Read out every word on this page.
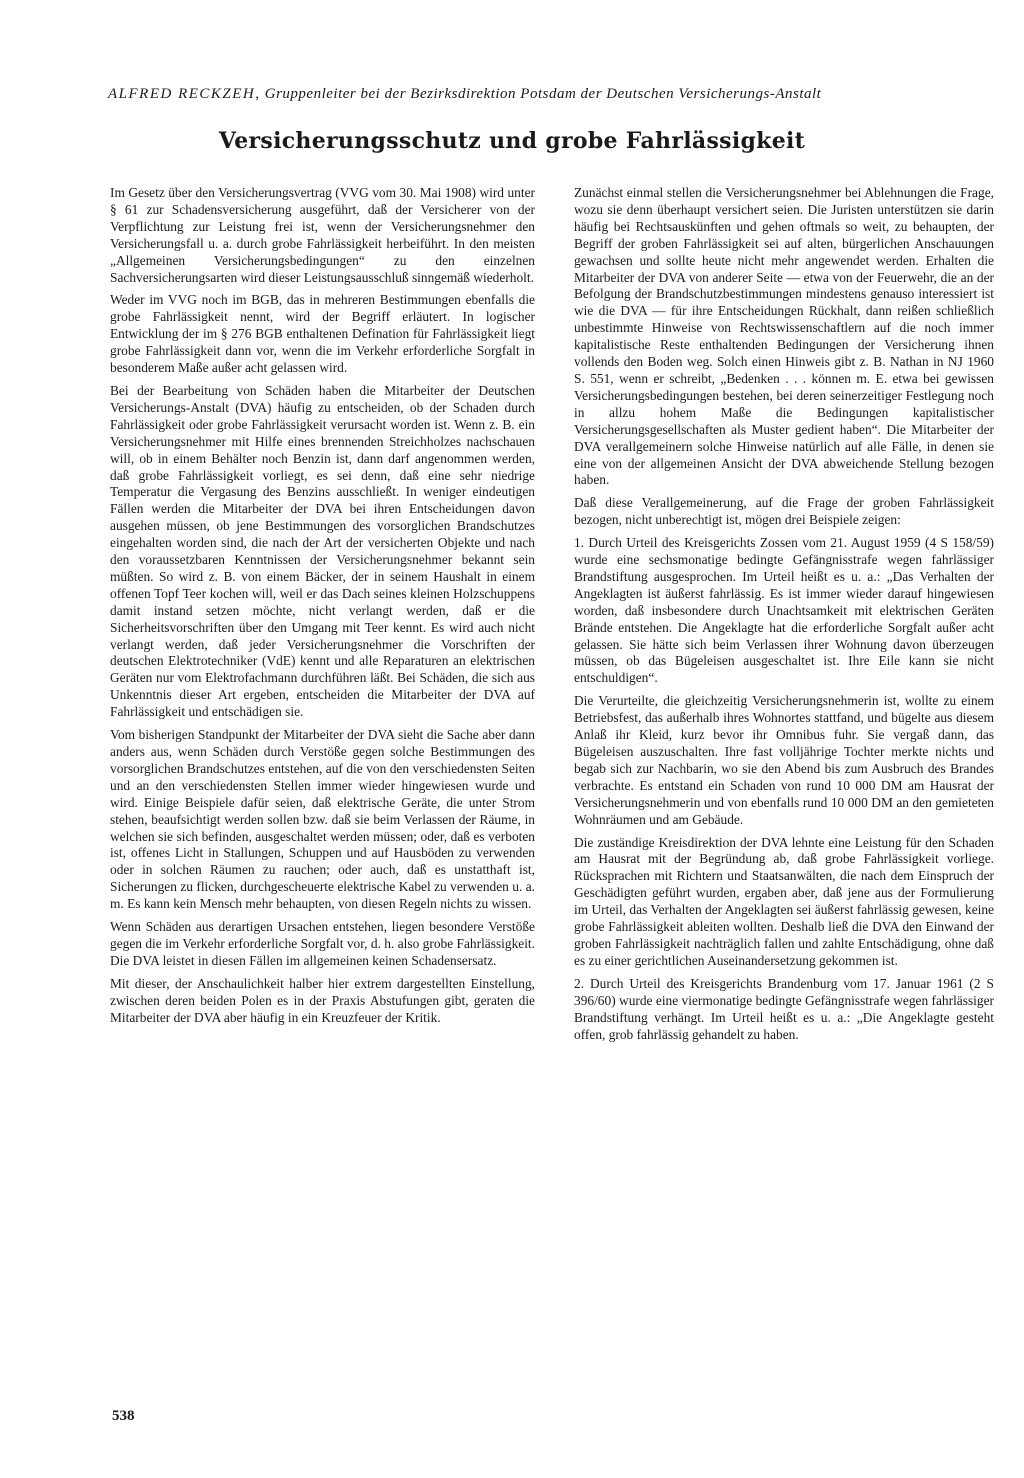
ALFRED RECKZEH, Gruppenleiter bei der Bezirksdirektion Potsdam der Deutschen Versicherungs-Anstalt
Versicherungsschutz und grobe Fahrlässigkeit

Im Gesetz über den Versicherungsvertrag (VVG vom 30. Mai 1908) wird unter § 61 zur Schadensversicherung ausgeführt, daß der Versicherer von der Verpflichtung zur Leistung frei ist, wenn der Versicherungsnehmer den Versicherungsfall u. a. durch grobe Fahrlässigkeit herbeiführt. In den meisten „Allgemeinen Versicherungsbedingungen“ zu den einzelnen Sachversicherungsarten wird dieser Leistungsausschluß sinngemäß wiederholt.

Weder im VVG noch im BGB, das in mehreren Bestimmungen ebenfalls die grobe Fahrlässigkeit nennt, wird der Begriff erläutert. In logischer Entwicklung der im § 276 BGB enthaltenen Defination für Fahrlässigkeit liegt grobe Fahrlässigkeit dann vor, wenn die im Verkehr erforderliche Sorgfalt in besonderem Maße außer acht gelassen wird.

Bei der Bearbeitung von Schäden haben die Mitarbeiter der Deutschen Versicherungs-Anstalt (DVA) häufig zu entscheiden, ob der Schaden durch Fahrlässigkeit oder grobe Fahrlässigkeit verursacht worden ist. Wenn z. B. ein Versicherungsnehmer mit Hilfe eines brennenden Streichholzes nachschauen will, ob in einem Behälter noch Benzin ist, dann darf angenommen werden, daß grobe Fahrlässigkeit vorliegt, es sei denn, daß eine sehr niedrige Temperatur die Vergasung des Benzins ausschließt. In weniger eindeutigen Fällen werden die Mitarbeiter der DVA bei ihren Entscheidungen davon ausgehen müssen, ob jene Bestimmungen des vorsorglichen Brandschutzes eingehalten worden sind, die nach der Art der versicherten Objekte und nach den voraussetzbaren Kenntnissen der Versicherungsnehmer bekannt sein müßten. So wird z. B. von einem Bäcker, der in seinem Haushalt in einem offenen Topf Teer kochen will, weil er das Dach seines kleinen Holzschuppens damit instand setzen möchte, nicht verlangt werden, daß er die Sicherheitsvorschriften über den Umgang mit Teer kennt. Es wird auch nicht verlangt werden, daß jeder Versicherungsnehmer die Vorschriften der deutschen Elektrotechniker (VdE) kennt und alle Reparaturen an elektrischen Geräten nur vom Elektrofachmann durchführen läßt. Bei Schäden, die sich aus Unkenntnis dieser Art ergeben, entscheiden die Mitarbeiter der DVA auf Fahrlässigkeit und entschädigen sie.

Vom bisherigen Standpunkt der Mitarbeiter der DVA sieht die Sache aber dann anders aus, wenn Schäden durch Verstöße gegen solche Bestimmungen des vorsorglichen Brandschutzes entstehen, auf die von den verschiedensten Seiten und an den verschiedensten Stellen immer wieder hingewiesen wurde und wird. Einige Beispiele dafür seien, daß elektrische Geräte, die unter Strom stehen, beaufsichtigt werden sollen bzw. daß sie beim Verlassen der Räume, in welchen sie sich befinden, ausgeschaltet werden müssen; oder, daß es verboten ist, offenes Licht in Stallungen, Schuppen und auf Hausböden zu verwenden oder in solchen Räumen zu rauchen; oder auch, daß es unstatthaft ist, Sicherungen zu flicken, durchgescheuerte elektrische Kabel zu verwenden u. a. m. Es kann kein Mensch mehr behaupten, von diesen Regeln nichts zu wissen.

Wenn Schäden aus derartigen Ursachen entstehen, liegen besondere Verstöße gegen die im Verkehr erforderliche Sorgfalt vor, d. h. also grobe Fahrlässigkeit. Die DVA leistet in diesen Fällen im allgemeinen keinen Schadensersatz.

Mit dieser, der Anschaulichkeit halber hier extrem dargestellten Einstellung, zwischen deren beiden Polen es in der Praxis Abstufungen gibt, geraten die Mitarbeiter der DVA aber häufig in ein Kreuzfeuer der Kritik.

Zunächst einmal stellen die Versicherungsnehmer bei Ablehnungen die Frage, wozu sie denn überhaupt versichert seien. Die Juristen unterstützen sie darin häufig bei Rechtsauskünften und gehen oftmals so weit, zu behaupten, der Begriff der groben Fahrlässigkeit sei auf alten, bürgerlichen Anschauungen gewachsen und sollte heute nicht mehr angewendet werden. Erhalten die Mitarbeiter der DVA von anderer Seite — etwa von der Feuerwehr, die an der Befolgung der Brandschutzbestimmungen mindestens genauso interessiert ist wie die DVA — für ihre Entscheidungen Rückhalt, dann reißen schließlich unbestimmte Hinweise von Rechtswissenschaftlern auf die noch immer kapitalistische Reste enthaltenden Bedingungen der Versicherung ihnen vollends den Boden weg. Solch einen Hinweis gibt z. B. Nathan in NJ 1960 S. 551, wenn er schreibt, „Bedenken . . . können m. E. etwa bei gewissen Versicherungsbedingungen bestehen, bei deren seinerzeitiger Festlegung noch in allzu hohem Maße die Bedingungen kapitalistischer Versicherungsgesellschaften als Muster gedient haben“. Die Mitarbeiter der DVA verallgemeinern solche Hinweise natürlich auf alle Fälle, in denen sie eine von der allgemeinen Ansicht der DVA abweichende Stellung bezogen haben.

Daß diese Verallgemeinerung, auf die Frage der groben Fahrlässigkeit bezogen, nicht unberechtigt ist, mögen drei Beispiele zeigen:

1. Durch Urteil des Kreisgerichts Zossen vom 21. August 1959 (4 S 158/59) wurde eine sechsmonatige bedingte Gefängnisstrafe wegen fahrlässiger Brandstiftung ausgesprochen. Im Urteil heißt es u. a.: „Das Verhalten der Angeklagten ist äußerst fahrlässig. Es ist immer wieder darauf hingewiesen worden, daß insbesondere durch Unachtsamkeit mit elektrischen Geräten Brände entstehen. Die Angeklagte hat die erforderliche Sorgfalt außer acht gelassen. Sie hätte sich beim Verlassen ihrer Wohnung davon überzeugen müssen, ob das Bügeleisen ausgeschaltet ist. Ihre Eile kann sie nicht entschuldigen“.

Die Verurteilte, die gleichzeitig Versicherungsnehmerin ist, wollte zu einem Betriebsfest, das außerhalb ihres Wohnortes stattfand, und bügelte aus diesem Anlaß ihr Kleid, kurz bevor ihr Omnibus fuhr. Sie vergaß dann, das Bügeleisen auszuschalten. Ihre fast volljährige Tochter merkte nichts und begab sich zur Nachbarin, wo sie den Abend bis zum Ausbruch des Brandes verbrachte. Es entstand ein Schaden von rund 10 000 DM am Hausrat der Versicherungsnehmerin und von ebenfalls rund 10 000 DM an den gemieteten Wohnräumen und am Gebäude.

Die zuständige Kreisdirektion der DVA lehnte eine Leistung für den Schaden am Hausrat mit der Begründung ab, daß grobe Fahrlässigkeit vorliege. Rücksprachen mit Richtern und Staatsanwälten, die nach dem Einspruch der Geschädigten geführt wurden, ergaben aber, daß jene aus der Formulierung im Urteil, das Verhalten der Angeklagten sei äußerst fahrlässig gewesen, keine grobe Fahrlässigkeit ableiten wollten. Deshalb ließ die DVA den Einwand der groben Fahrlässigkeit nachträglich fallen und zahlte Entschädigung, ohne daß es zu einer gerichtlichen Auseinandersetzung gekommen ist.

2. Durch Urteil des Kreisgerichts Brandenburg vom 17. Januar 1961 (2 S 396/60) wurde eine viermonatige bedingte Gefängnisstrafe wegen fahrlässiger Brandstiftung verhängt. Im Urteil heißt es u. a.: „Die Angeklagte gesteht offen, grob fahrlässig gehandelt zu haben.

538
